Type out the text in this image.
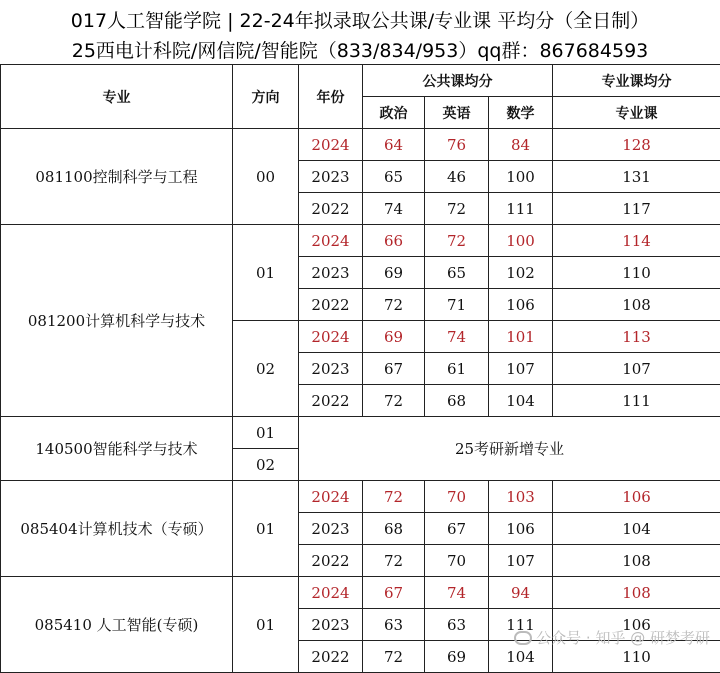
017人工智能学院 | 22-24年拟录取公共课/专业课 平均分（全日制）
25西电计科院/网信院/智能院（833/834/953）qq群：867684593
专业	方向	年份	公共课均分			专业课均分
			政治	英语	数学	专业课
081100控制科学与工程	00	2024	64	76	84	128
		2023	65	46	100	131
		2022	74	72	111	117
081200计算机科学与技术	01	2024	66	72	100	114
		2023	69	65	102	110
		2022	72	71	106	108
	02	2024	69	74	101	113
		2023	67	61	107	107
		2022	72	68	104	111
140500智能科学与技术	01	25考研新增专业				
	02					
085404计算机技术（专硕）	01	2024	72	70	103	106
		2023	68	67	106	104
		2022	72	70	107	108
085410 人工智能(专硕)	01	2024	67	74	94	108
		2023	63	63	111	106
		2022	72	69	104	110
公众号 · 知乎 @ 研梦考研
